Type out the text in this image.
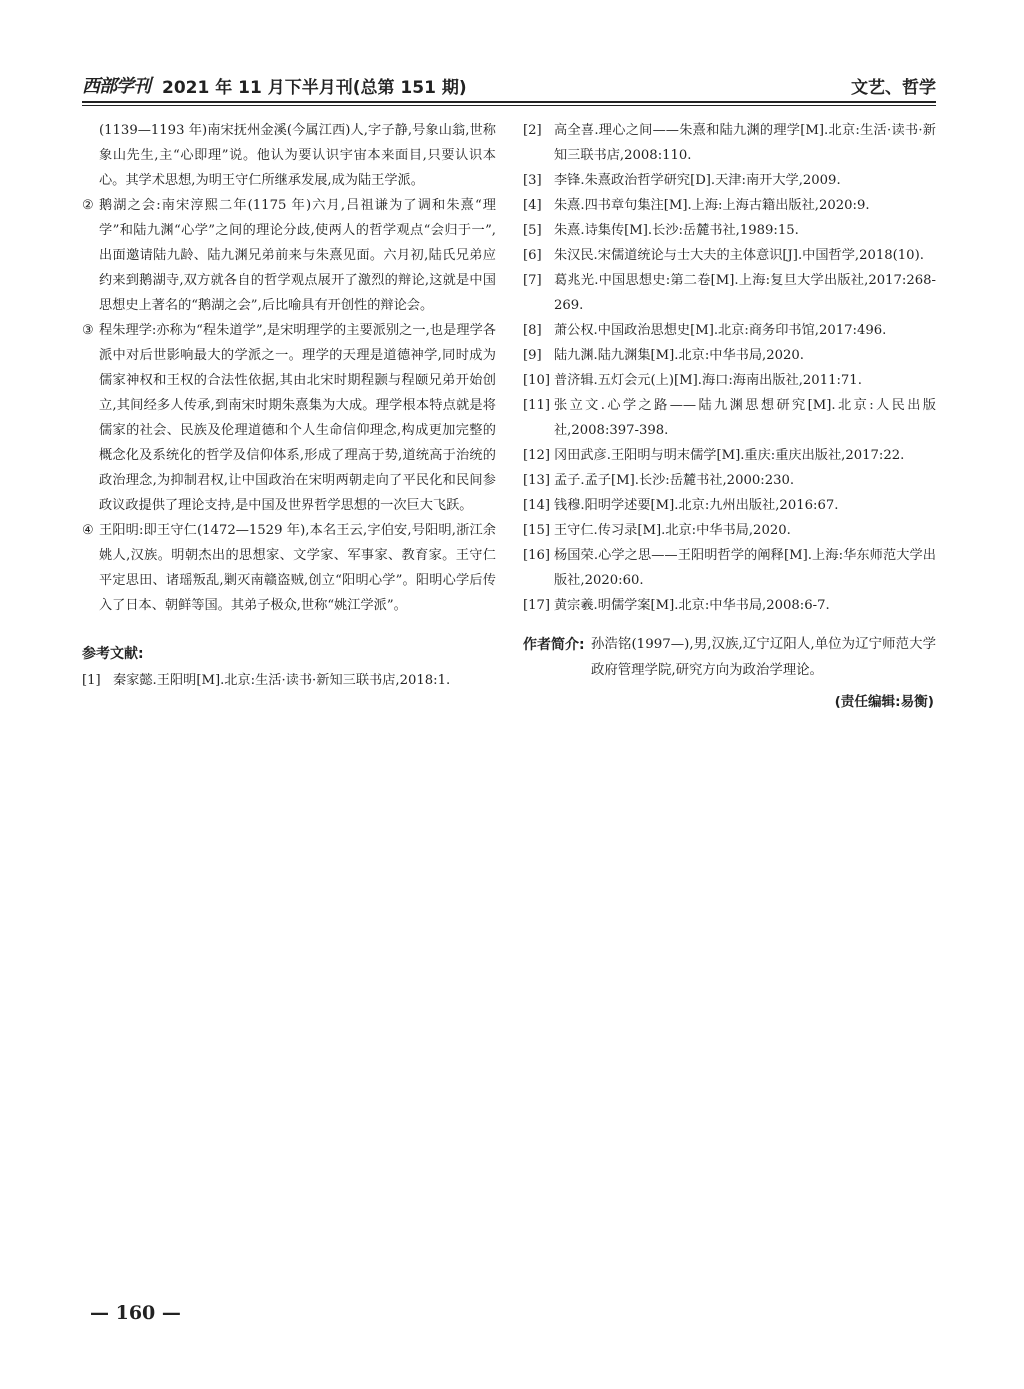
西部学刊 2021 年 11 月下半月刊(总第 151 期)	文艺、哲学
(1139—1193 年)南宋抚州金溪(今属江西)人,字子静,号象山翁,世称象山先生,主“心即理”说。他认为要认识宇宙本来面目,只要认识本心。其学术思想,为明王守仁所继承发展,成为陆王学派。
② 鹅湖之会:南宋淳熙二年(1175 年)六月,吕祖谦为了调和朱熹“理学”和陆九渊“心学”之间的理论分歧,使两人的哲学观点“会归于一”,出面邀请陆九龄、陆九渊兄弟前来与朱熹见面。六月初,陆氏兄弟应约来到鹅湖寺,双方就各自的哲学观点展开了激烈的辩论,这就是中国思想史上著名的“鹅湖之会”,后比喻具有开创性的辩论会。
③ 程朱理学:亦称为“程朱道学”,是宋明理学的主要派别之一,也是理学各派中对后世影响最大的学派之一。理学的天理是道德神学,同时成为儒家神权和王权的合法性依据,其由北宋时期程颢与程颐兄弟开始创立,其间经多人传承,到南宋时期朱熹集为大成。理学根本特点就是将儒家的社会、民族及伦理道德和个人生命信仰理念,构成更加完整的概念化及系统化的哲学及信仰体系,形成了理高于势,道统高于治统的政治理念,为抑制君权,让中国政治在宋明两朝走向了平民化和民间参政议政提供了理论支持,是中国及世界哲学思想的一次巨大飞跃。
④ 王阳明:即王守仁(1472—1529 年),本名王云,字伯安,号阳明,浙江余姚人,汉族。明朝杰出的思想家、文学家、军事家、教育家。王守仁平定思田、诸瑶叛乱,剿灭南赣盗贼,创立“阳明心学”。阳明心学后传入了日本、朝鲜等国。其弟子极众,世称“姚江学派”。
参考文献:
[1] 秦家懿.王阳明[M].北京:生活·读书·新知三联书店,2018:1.
[2] 高全喜.理心之间——朱熹和陆九渊的理学[M].北京:生活·读书·新知三联书店,2008:110.
[3] 李锋.朱熹政治哲学研究[D].天津:南开大学,2009.
[4] 朱熹.四书章句集注[M].上海:上海古籍出版社,2020:9.
[5] 朱熹.诗集传[M].长沙:岳麓书社,1989:15.
[6] 朱汉民.宋儒道统论与士大夫的主体意识[J].中国哲学,2018(10).
[7] 葛兆光.中国思想史:第二卷[M].上海:复旦大学出版社,2017:268-269.
[8] 萧公权.中国政治思想史[M].北京:商务印书馆,2017:496.
[9] 陆九渊.陆九渊集[M].北京:中华书局,2020.
[10] 普济辑.五灯会元(上)[M].海口:海南出版社,2011:71.
[11] 张立文.心学之路——陆九渊思想研究[M].北京:人民出版社,2008:397-398.
[12] 冈田武彦.王阳明与明末儒学[M].重庆:重庆出版社,2017:22.
[13] 孟子.孟子[M].长沙:岳麓书社,2000:230.
[14] 钱穆.阳明学述要[M].北京:九州出版社,2016:67.
[15] 王守仁.传习录[M].北京:中华书局,2020.
[16] 杨国荣.心学之思——王阳明哲学的阐释[M].上海:华东师范大学出版社,2020:60.
[17] 黄宗羲.明儒学案[M].北京:中华书局,2008:6-7.
作者简介: 孙浩铭(1997—),男,汉族,辽宁辽阳人,单位为辽宁师范大学政府管理学院,研究方向为政治学理论。
(责任编辑:易衡)
— 160 —
